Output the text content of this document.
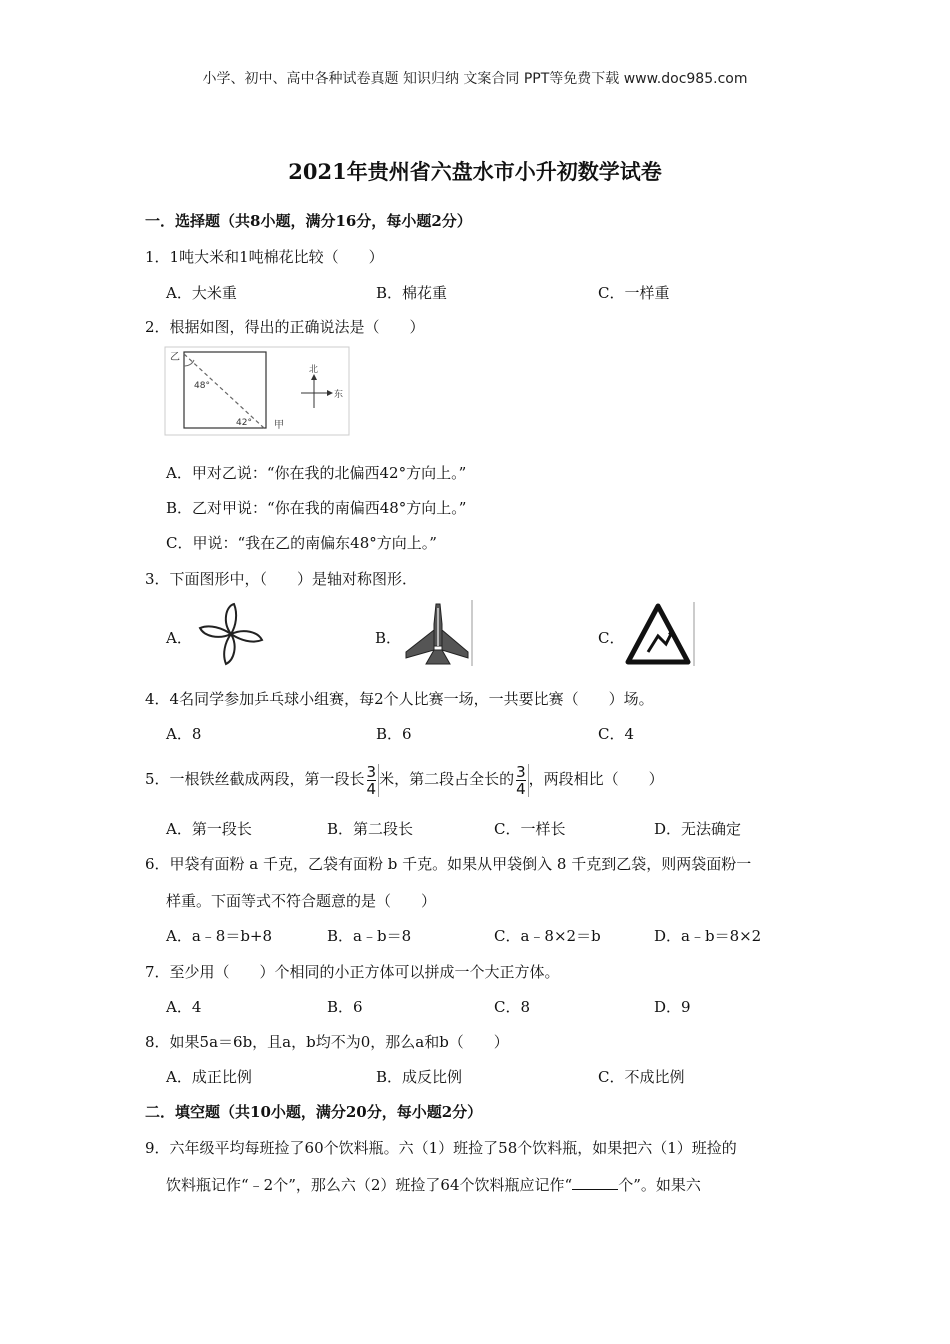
小学、初中、高中各种试卷真题 知识归纳 文案合同 PPT等免费下载 www.doc985.com
2021年贵州省六盘水市小升初数学试卷
一．选择题（共8小题，满分16分，每小题2分）
1．1吨大米和1吨棉花比较（　　）
A．大米重	B．棉花重	C．一样重
2．根据如图，得出的正确说法是（　　）
乙
48°
42° 甲
北
东
A．甲对乙说：“你在我的北偏西42°方向上。”
B．乙对甲说：“你在我的南偏西48°方向上。”
C．甲说：“我在乙的南偏东48°方向上。”
3．下面图形中，（　　）是轴对称图形．
A．	B．	C．
4．4名同学参加乒乓球小组赛，每2个人比赛一场，一共要比赛（　　）场。
A．8	B．6	C．4
5．一根铁丝截成两段，第一段长 $\frac{3}{4}$ 米，第二段占全长的 $\frac{3}{4}$ ，两段相比（　　）
A．第一段长	B．第二段长	C．一样长	D．无法确定
6．甲袋有面粉 a 千克，乙袋有面粉 b 千克。如果从甲袋倒入 8 千克到乙袋，则两袋面粉一
样重。下面等式不符合题意的是（　　）
A．a﹣8＝b+8	B．a﹣b＝8	C．a﹣8×2＝b	D．a﹣b＝8×2
7．至少用（　　）个相同的小正方体可以拼成一个大正方体。
A．4	B．6	C．8	D．9
8．如果5a＝6b，且a，b均不为0，那么a和b（　　）
A．成正比例	B．成反比例	C．不成比例
二．填空题（共10小题，满分20分，每小题2分）
9．六年级平均每班捡了60个饮料瓶。六（1）班捡了58个饮料瓶，如果把六（1）班捡的
饮料瓶记作“﹣2个”，那么六（2）班捡了64个饮料瓶应记作“	个”。如果六
